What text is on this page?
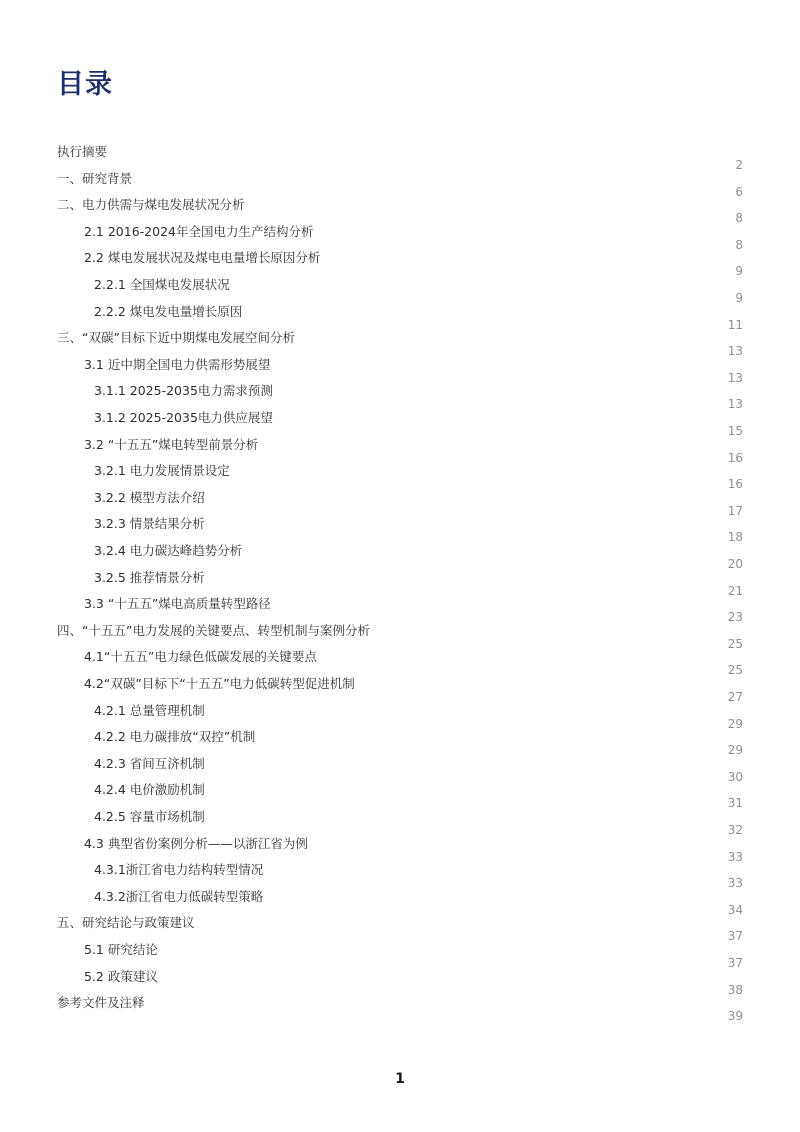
目录
执行摘要
一、研究背景
二、电力供需与煤电发展状况分析
2.1 2016-2024年全国电力生产结构分析
2.2 煤电发展状况及煤电电量增长原因分析
2.2.1 全国煤电发展状况
2.2.2 煤电发电量增长原因
三、“双碳”目标下近中期煤电发展空间分析
3.1 近中期全国电力供需形势展望
3.1.1 2025-2035电力需求预测
3.1.2 2025-2035电力供应展望
3.2 “十五五”煤电转型前景分析
3.2.1 电力发展情景设定
3.2.2 模型方法介绍
3.2.3 情景结果分析
3.2.4 电力碳达峰趋势分析
3.2.5 推荐情景分析
3.3 “十五五”煤电高质量转型路径
四、“十五五”电力发展的关键要点、转型机制与案例分析
4.1“十五五”电力绿色低碳发展的关键要点
4.2“双碳”目标下“十五五”电力低碳转型促进机制
4.2.1 总量管理机制
4.2.2 电力碳排放“双控”机制
4.2.3 省间互济机制
4.2.4 电价激励机制
4.2.5 容量市场机制
4.3 典型省份案例分析——以浙江省为例
4.3.1浙江省电力结构转型情况
4.3.2浙江省电力低碳转型策略
五、研究结论与政策建议
5.1 研究结论
5.2 政策建议
参考文件及注释
2
6
8
8
9
9
11
13
13
13
15
16
16
17
18
20
21
23
25
25
27
29
29
30
31
32
33
33
34
37
37
38
39
1
